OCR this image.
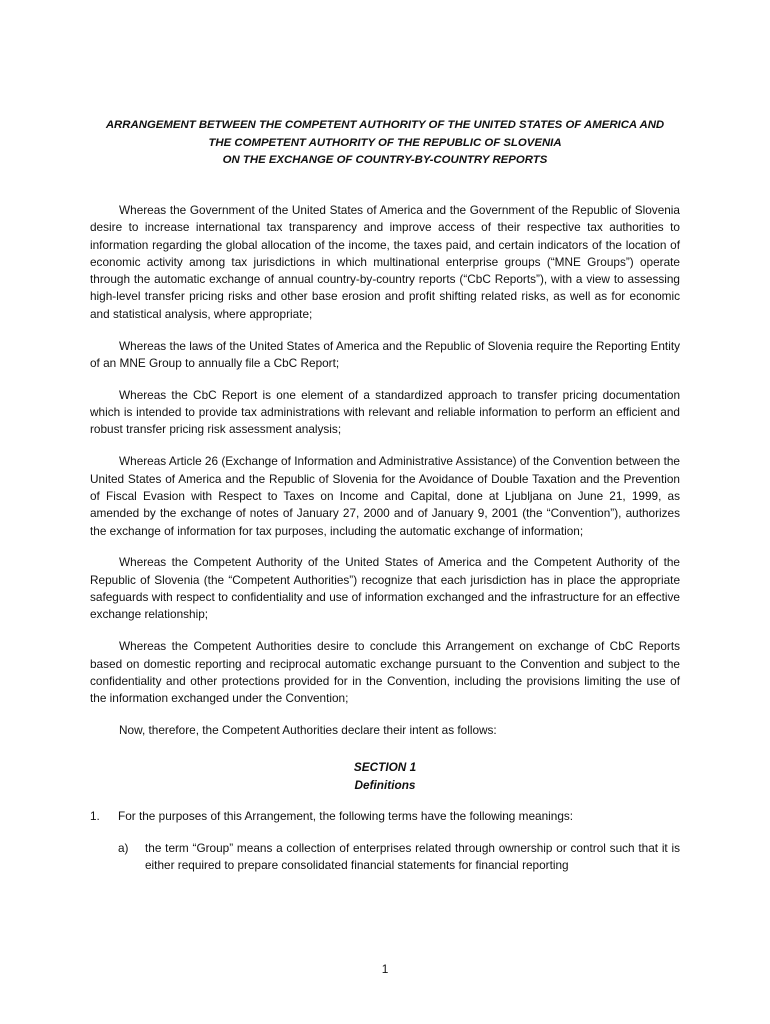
ARRANGEMENT BETWEEN THE COMPETENT AUTHORITY OF THE UNITED STATES OF AMERICA AND
THE COMPETENT AUTHORITY OF THE REPUBLIC OF SLOVENIA
ON THE EXCHANGE OF COUNTRY-BY-COUNTRY REPORTS

Whereas the Government of the United States of America and the Government of the Republic of Slovenia desire to increase international tax transparency and improve access of their respective tax authorities to information regarding the global allocation of the income, the taxes paid, and certain indicators of the location of economic activity among tax jurisdictions in which multinational enterprise groups (“MNE Groups”) operate through the automatic exchange of annual country-by-country reports (“CbC Reports”), with a view to assessing high-level transfer pricing risks and other base erosion and profit shifting related risks, as well as for economic and statistical analysis, where appropriate;

Whereas the laws of the United States of America and the Republic of Slovenia require the Reporting Entity of an MNE Group to annually file a CbC Report;

Whereas the CbC Report is one element of a standardized approach to transfer pricing documentation which is intended to provide tax administrations with relevant and reliable information to perform an efficient and robust transfer pricing risk assessment analysis;

Whereas Article 26 (Exchange of Information and Administrative Assistance) of the Convention between the United States of America and the Republic of Slovenia for the Avoidance of Double Taxation and the Prevention of Fiscal Evasion with Respect to Taxes on Income and Capital, done at Ljubljana on June 21, 1999, as amended by the exchange of notes of January 27, 2000 and of January 9, 2001 (the “Convention”), authorizes the exchange of information for tax purposes, including the automatic exchange of information;

Whereas the Competent Authority of the United States of America and the Competent Authority of the Republic of Slovenia (the “Competent Authorities”) recognize that each jurisdiction has in place the appropriate safeguards with respect to confidentiality and use of information exchanged and the infrastructure for an effective exchange relationship;

Whereas the Competent Authorities desire to conclude this Arrangement on exchange of CbC Reports based on domestic reporting and reciprocal automatic exchange pursuant to the Convention and subject to the confidentiality and other protections provided for in the Convention, including the provisions limiting the use of the information exchanged under the Convention;

Now, therefore, the Competent Authorities declare their intent as follows:

SECTION 1
Definitions
1. For the purposes of this Arrangement, the following terms have the following meanings:
a) the term “Group” means a collection of enterprises related through ownership or control such that it is either required to prepare consolidated financial statements for financial reporting
1
